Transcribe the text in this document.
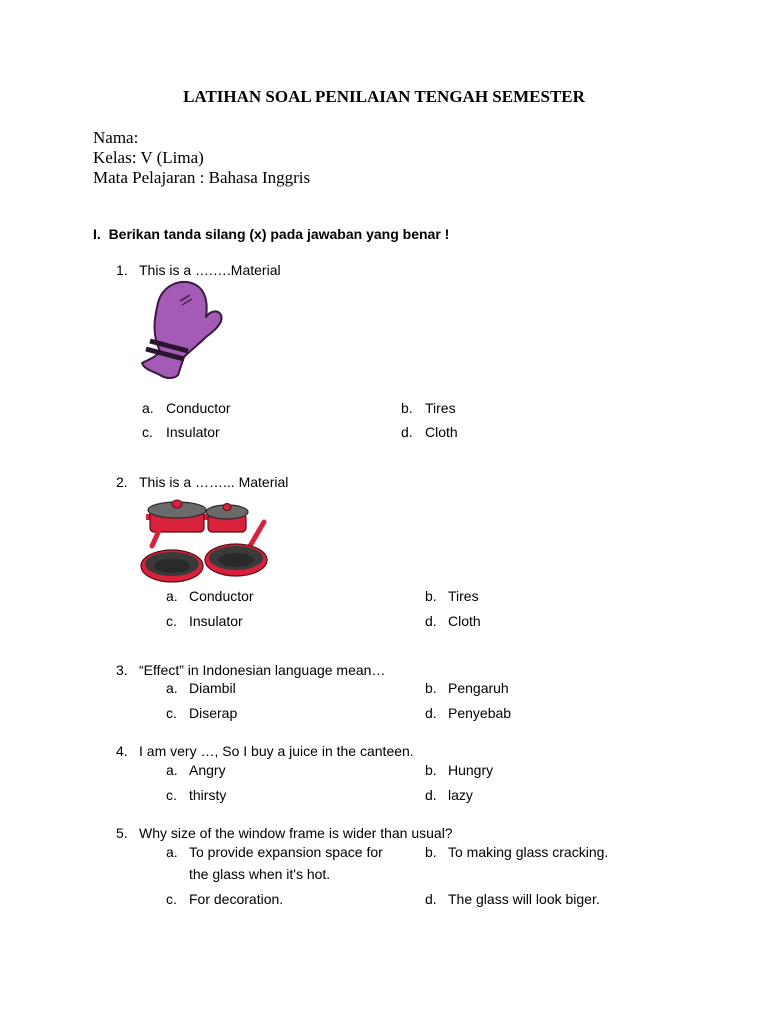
LATIHAN SOAL PENILAIAN TENGAH SEMESTER
Nama:
Kelas: V (Lima)
Mata Pelajaran : Bahasa Inggris
I. Berikan tanda silang (x) pada jawaban yang benar !
1. This is a ….….Material
a. Conductor	b. Tires
c. Insulator	d. Cloth
2. This is a ……... Material
a. Conductor	b. Tires
c. Insulator	d. Cloth
3. “Effect” in Indonesian language mean…
a. Diambil	b. Pengaruh
c. Diserap	d. Penyebab
4. I am very …, So I buy a juice in the canteen.
a. Angry	b. Hungry
c. thirsty	d. lazy
5. Why size of the window frame is wider than usual?
a. To provide expansion space for
the glass when it's hot.
b. To making glass cracking.
c. For decoration.	d. The glass will look biger.
